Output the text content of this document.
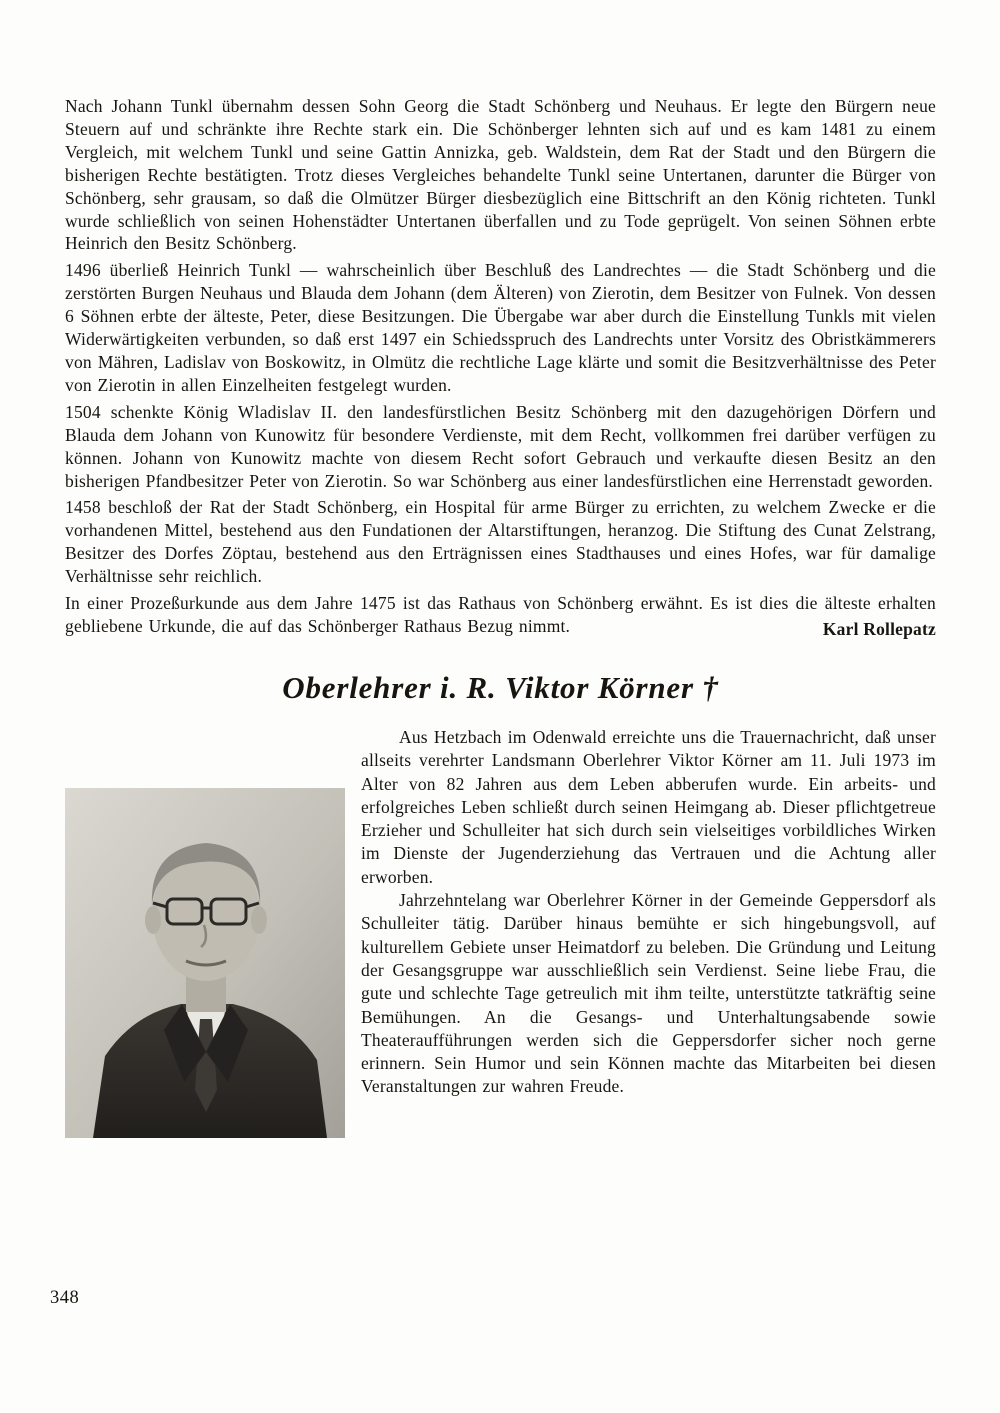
Nach Johann Tunkl übernahm dessen Sohn Georg die Stadt Schönberg und Neuhaus. Er legte den Bürgern neue Steuern auf und schränkte ihre Rechte stark ein. Die Schönberger lehnten sich auf und es kam 1481 zu einem Vergleich, mit welchem Tunkl und seine Gattin Annizka, geb. Waldstein, dem Rat der Stadt und den Bürgern die bisherigen Rechte bestätigten. Trotz dieses Vergleiches behandelte Tunkl seine Untertanen, darunter die Bürger von Schönberg, sehr grausam, so daß die Olmützer Bürger diesbezüglich eine Bittschrift an den König richteten. Tunkl wurde schließlich von seinen Hohenstädter Untertanen überfallen und zu Tode geprügelt. Von seinen Söhnen erbte Heinrich den Besitz Schönberg.

1496 überließ Heinrich Tunkl — wahrscheinlich über Beschluß des Landrechtes — die Stadt Schönberg und die zerstörten Burgen Neuhaus und Blauda dem Johann (dem Älteren) von Zierotin, dem Besitzer von Fulnek. Von dessen 6 Söhnen erbte der älteste, Peter, diese Besitzungen. Die Übergabe war aber durch die Einstellung Tunkls mit vielen Widerwärtigkeiten verbunden, so daß erst 1497 ein Schiedsspruch des Landrechts unter Vorsitz des Obristkämmerers von Mähren, Ladislav von Boskowitz, in Olmütz die rechtliche Lage klärte und somit die Besitzverhältnisse des Peter von Zierotin in allen Einzelheiten festgelegt wurden.

1504 schenkte König Wladislav II. den landesfürstlichen Besitz Schönberg mit den dazugehörigen Dörfern und Blauda dem Johann von Kunowitz für besondere Verdienste, mit dem Recht, vollkommen frei darüber verfügen zu können. Johann von Kunowitz machte von diesem Recht sofort Gebrauch und verkaufte diesen Besitz an den bisherigen Pfandbesitzer Peter von Zierotin. So war Schönberg aus einer landesfürstlichen eine Herrenstadt geworden.

1458 beschloß der Rat der Stadt Schönberg, ein Hospital für arme Bürger zu errichten, zu welchem Zwecke er die vorhandenen Mittel, bestehend aus den Fundationen der Altarstiftungen, heranzog. Die Stiftung des Cunat Zelstrang, Besitzer des Dorfes Zöptau, bestehend aus den Erträgnissen eines Stadthauses und eines Hofes, war für damalige Verhältnisse sehr reichlich.

In einer Prozeßurkunde aus dem Jahre 1475 ist das Rathaus von Schönberg erwähnt. Es ist dies die älteste erhalten gebliebene Urkunde, die auf das Schönberger Rathaus Bezug nimmt.	Karl Rollepatz
Oberlehrer i. R. Viktor Körner †

Aus Hetzbach im Odenwald erreichte uns die Trauernachricht, daß unser allseits verehrter Landsmann Oberlehrer Viktor Körner am 11. Juli 1973 im Alter von 82 Jahren aus dem Leben abberufen wurde. Ein arbeits- und erfolgreiches Leben schließt durch seinen Heimgang ab. Dieser pflichtgetreue Erzieher und Schulleiter hat sich durch sein vielseitiges vorbildliches Wirken im Dienste der Jugenderziehung das Vertrauen und die Achtung aller erworben.

Jahrzehntelang war Oberlehrer Körner in der Gemeinde Geppersdorf als Schulleiter tätig. Darüber hinaus bemühte er sich hingebungsvoll, auf kulturellem Gebiete unser Heimatdorf zu beleben. Die Gründung und Leitung der Gesangsgruppe war ausschließlich sein Verdienst. Seine liebe Frau, die gute und schlechte Tage getreulich mit ihm teilte, unterstützte tatkräftig seine Bemühungen. An die Gesangs- und Unterhaltungsabende sowie Theateraufführungen werden sich die Geppersdorfer sicher noch gerne erinnern. Sein Humor und sein Können machte das Mitarbeiten bei diesen Veranstaltungen zur wahren Freude.

348
